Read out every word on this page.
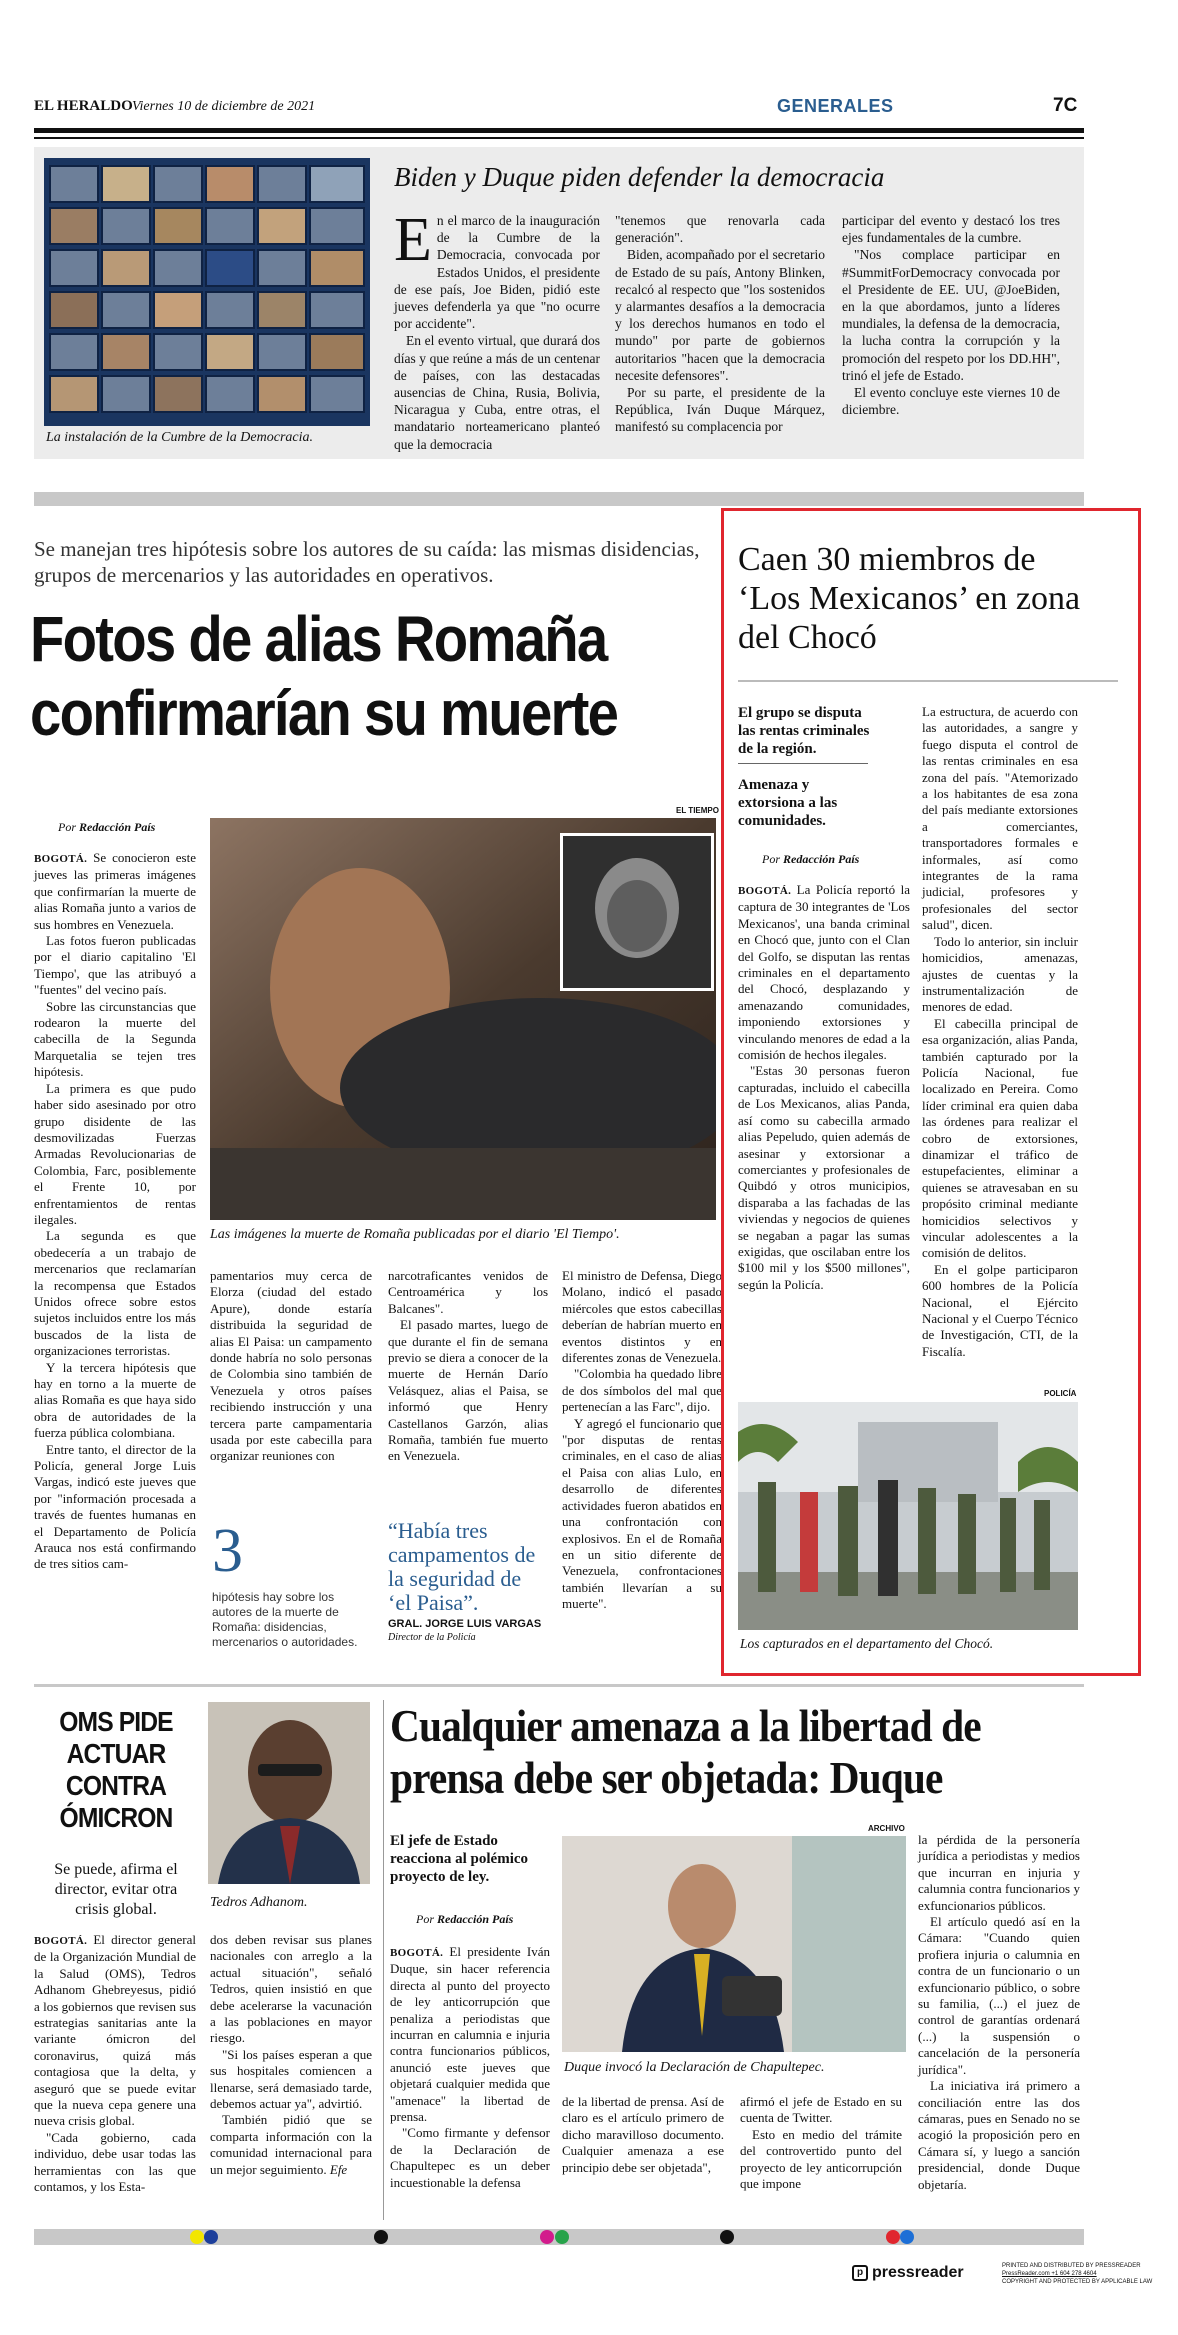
EL HERALDO Viernes 10 de diciembre de 2021	GENERALES	7C
La instalación de la Cumbre de la Democracia.
Biden y Duque piden defender la democracia
E n el marco de la inauguración de la Cumbre de la Democracia, convocada por Estados Unidos, el presidente de ese país, Joe Biden, pidió este jueves defenderla ya que "no ocurre por accidente".

En el evento virtual, que durará dos días y que reúne a más de un centenar de países, con las destacadas ausencias de China, Rusia, Bolivia, Nicaragua y Cuba, entre otras, el mandatario norteamericano planteó que la democracia

"tenemos que renovarla cada generación".

Biden, acompañado por el secretario de Estado de su país, Antony Blinken, recalcó al respecto que "los sostenidos y alarmantes desafíos a la democracia y los derechos humanos en todo el mundo" por parte de gobiernos autoritarios "hacen que la democracia necesite defensores".

Por su parte, el presidente de la República, Iván Duque Márquez, manifestó su complacencia por

participar del evento y destacó los tres ejes fundamentales de la cumbre.

"Nos complace participar en #SummitForDemocracy convocada por el Presidente de EE. UU, @JoeBiden, en la que abordamos, junto a líderes mundiales, la defensa de la democracia, la lucha contra la corrupción y la promoción del respeto por los DD.HH", trinó el jefe de Estado.

El evento concluye este viernes 10 de diciembre.

Se manejan tres hipótesis sobre los autores de su caída: las mismas disidencias, grupos de mercenarios y las autoridades en operativos.
Fotos de alias Romaña
confirmarían su muerte
Por Redacción País

BOGOTÁ. Se conocieron este jueves las primeras imágenes que confirmarían la muerte de alias Romaña junto a varios de sus hombres en Venezuela.

Las fotos fueron publicadas por el diario capitalino 'El Tiempo', que las atribuyó a "fuentes" del vecino país.

Sobre las circunstancias que rodearon la muerte del cabecilla de la Segunda Marquetalia se tejen tres hipótesis.

La primera es que pudo haber sido asesinado por otro grupo disidente de las desmovilizadas Fuerzas Armadas Revolucionarias de Colombia, Farc, posiblemente el Frente 10, por enfrentamientos de rentas ilegales.

La segunda es que obedecería a un trabajo de mercenarios que reclamarían la recompensa que Estados Unidos ofrece sobre estos sujetos incluidos entre los más buscados de la lista de organizaciones terroristas.

Y la tercera hipótesis que hay en torno a la muerte de alias Romaña es que haya sido obra de autoridades de la fuerza pública colombiana.

Entre tanto, el director de la Policía, general Jorge Luis Vargas, indicó este jueves que por "información procesada a través de fuentes humanas en el Departamento de Policía Arauca nos está confirmando de tres sitios cam-

EL TIEMPO
Las imágenes la muerte de Romaña publicadas por el diario 'El Tiempo'.

pamentarios muy cerca de Elorza (ciudad del estado Apure), donde estaría distribuida la seguridad de alias El Paisa: un campamento donde habría no solo personas de Colombia sino también de Venezuela y otros países recibiendo instrucción y una tercera parte campamentaria usada por este cabecilla para organizar reuniones con

narcotraficantes venidos de Centroamérica y los Balcanes".

El pasado martes, luego de que durante el fin de semana previo se diera a conocer de la muerte de Hernán Darío Velásquez, alias el Paisa, se informó que Henry Castellanos Garzón, alias Romaña, también fue muerto en Venezuela.

El ministro de Defensa, Diego Molano, indicó el pasado miércoles que estos cabecillas deberían de habrían muerto en eventos distintos y en diferentes zonas de Venezuela.

"Colombia ha quedado libre de dos símbolos del mal que pertenecían a las Farc", dijo.

Y agregó el funcionario que "por disputas de rentas criminales, en el caso de alias el Paisa con alias Lulo, en desarrollo de diferentes actividades fueron abatidos en una confrontación con explosivos. En el de Romaña en un sitio diferente de Venezuela, confrontaciones también llevarían a su muerte".

3
hipótesis hay sobre los autores de la muerte de Romaña: disidencias, mercenarios o autoridades.
“Había tres campamentos de la seguridad de ‘el Paisa”.
GRAL. JORGE LUIS VARGAS
Director de la Policía
Caen 30 miembros de ‘Los Mexicanos’ en zona del Chocó
El grupo se disputa las rentas criminales de la región.
Amenaza y extorsiona a las comunidades.
Por Redacción País

BOGOTÁ. La Policía reportó la captura de 30 integrantes de 'Los Mexicanos', una banda criminal en Chocó que, junto con el Clan del Golfo, se disputan las rentas criminales en el departamento del Chocó, desplazando y amenazando comunidades, imponiendo extorsiones y vinculando menores de edad a la comisión de hechos ilegales.

"Estas 30 personas fueron capturadas, incluido el cabecilla de Los Mexicanos, alias Panda, así como su cabecilla armado alias Pepeludo, quien además de asesinar y extorsionar a comerciantes y profesionales de Quibdó y otros municipios, disparaba a las fachadas de las viviendas y negocios de quienes se negaban a pagar las sumas exigidas, que oscilaban entre los $100 mil y los $500 millones", según la Policía.

La estructura, de acuerdo con las autoridades, a sangre y fuego disputa el control de las rentas criminales en esa zona del país. "Atemorizado a los habitantes de esa zona del país mediante extorsiones a comerciantes, transportadores formales e informales, así como integrantes de la rama judicial, profesores y profesionales del sector salud", dicen.

Todo lo anterior, sin incluir homicidios, amenazas, ajustes de cuentas y la instrumentalización de menores de edad.

El cabecilla principal de esa organización, alias Panda, también capturado por la Policía Nacional, fue localizado en Pereira. Como líder criminal era quien daba las órdenes para realizar el cobro de extorsiones, dinamizar el tráfico de estupefacientes, eliminar a quienes se atravesaban en su propósito criminal mediante homicidios selectivos y vincular adolescentes a la comisión de delitos.

En el golpe participaron 600 hombres de la Policía Nacional, el Ejército Nacional y el Cuerpo Técnico de Investigación, CTI, de la Fiscalía.

POLICÍA
Los capturados en el departamento del Chocó.
OMS PIDE ACTUAR CONTRA ÓMICRON
Se puede, afirma el director, evitar otra crisis global.	Tedros Adhanom.

BOGOTÁ. El director general de la Organización Mundial de la Salud (OMS), Tedros Adhanom Ghebreyesus, pidió a los gobiernos que revisen sus estrategias sanitarias ante la variante ómicron del coronavirus, quizá más contagiosa que la delta, y aseguró que se puede evitar que la nueva cepa genere una nueva crisis global.

"Cada gobierno, cada individuo, debe usar todas las herramientas con las que contamos, y los Esta-

dos deben revisar sus planes nacionales con arreglo a la actual situación", señaló Tedros, quien insistió en que debe acelerarse la vacunación a las poblaciones en mayor riesgo.

"Si los países esperan a que sus hospitales comiencen a llenarse, será demasiado tarde, debemos actuar ya", advirtió.

También pidió que se comparta información con la comunidad internacional para un mejor seguimiento. Efe

Cualquier amenaza a la libertad de prensa debe ser objetada: Duque
El jefe de Estado reacciona al polémico proyecto de ley.
Por Redacción País

BOGOTÁ. El presidente Iván Duque, sin hacer referencia directa al punto del proyecto de ley anticorrupción que penaliza a periodistas que incurran en calumnia e injuria contra funcionarios públicos, anunció este jueves que objetará cualquier medida que "amenace" la libertad de prensa.

"Como firmante y defensor de la Declaración de Chapultepec es un deber incuestionable la defensa

ARCHIVO
Duque invocó la Declaración de Chapultepec.

de la libertad de prensa. Así de claro es el artículo primero de dicho maravilloso documento. Cualquier amenaza a ese principio debe ser objetada",

afirmó el jefe de Estado en su cuenta de Twitter.

Esto en medio del trámite del controvertido punto del proyecto de ley anticorrupción que impone

la pérdida de la personería jurídica a periodistas y medios que incurran en injuria y calumnia contra funcionarios y exfuncionarios públicos.

El artículo quedó así en la Cámara: "Cuando quien profiera injuria o calumnia en contra de un funcionario o un exfuncionario público, o sobre su familia, (...) el juez de control de garantías ordenará (...) la suspensión o cancelación de la personería jurídica".

La iniciativa irá primero a conciliación entre las dos cámaras, pues en Senado no se acogió la proposición pero en Cámara sí, y luego a sanción presidencial, donde Duque objetaría.

p pressreader	PRINTED AND DISTRIBUTED BY PRESSREADER
PressReader.com +1 604 278 4604
COPYRIGHT AND PROTECTED BY APPLICABLE LAW
